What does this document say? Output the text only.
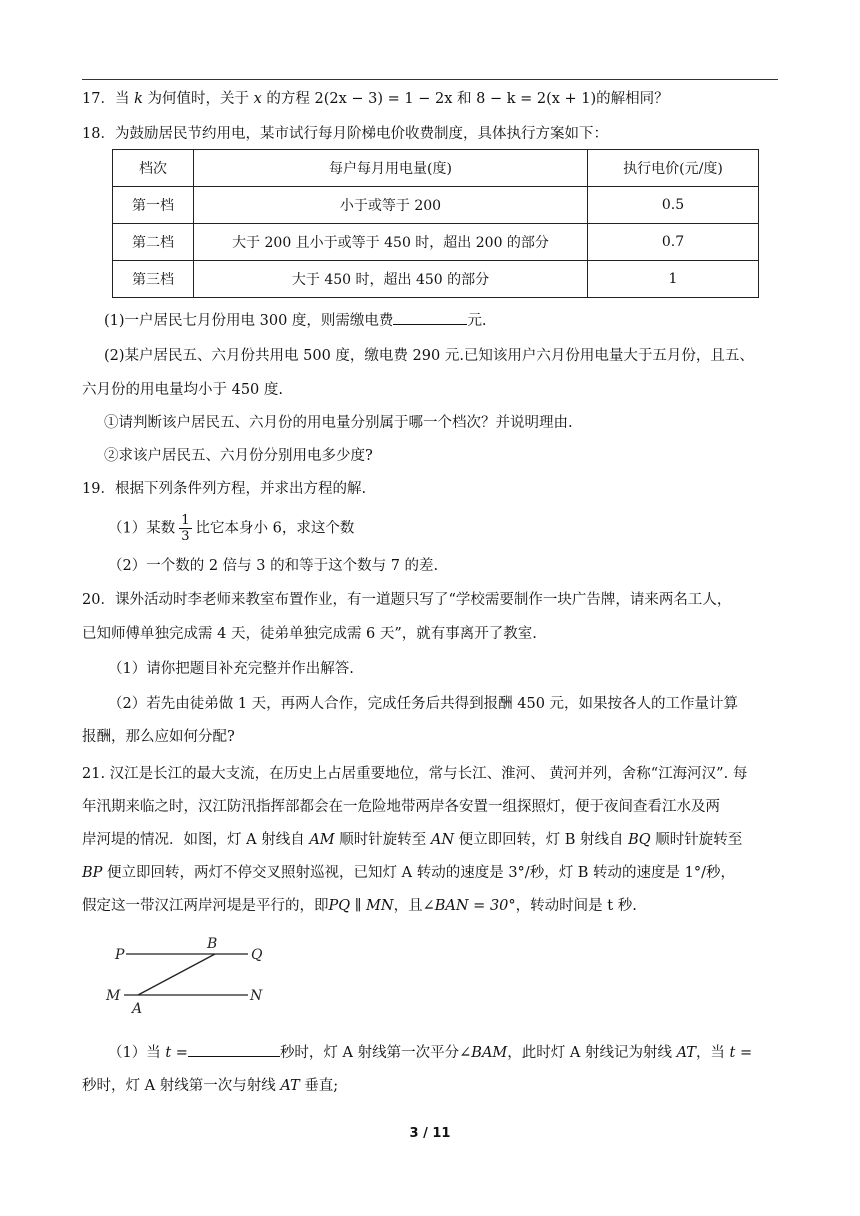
17．当 k 为何值时，关于 x 的方程 2(2x − 3) = 1 − 2x 和 8 − k = 2(x + 1)的解相同？
18．为鼓励居民节约用电，某市试行每月阶梯电价收费制度，具体执行方案如下：
档次	每户每月用电量(度)	执行电价(元/度)
第一档	小于或等于 200	0.5
第二档	大于 200 且小于或等于 450 时，超出 200 的部分	0.7
第三档	大于 450 时，超出 450 的部分	1
(1)一户居民七月份用电 300 度，则需缴电费	元.
(2)某户居民五、六月份共用电 500 度，缴电费 290 元.已知该用户六月份用电量大于五月份，且五、
六月份的用电量均小于 450 度.
①请判断该户居民五、六月份的用电量分别属于哪一个档次？并说明理由.
②求该户居民五、六月份分别用电多少度?
19．根据下列条件列方程，并求出方程的解.
（1）某数 $\frac{1}{3}$ 比它本身小 6，求这个数
（2）一个数的 2 倍与 3 的和等于这个数与 7 的差.
20．课外活动时李老师来教室布置作业，有一道题只写了“学校需要制作一块广告牌，请来两名工人，
已知师傅单独完成需 4 天，徒弟单独完成需 6 天”，就有事离开了教室.
（1）请你把题目补充完整并作出解答.
（2）若先由徒弟做 1 天，再两人合作，完成任务后共得到报酬 450 元，如果按各人的工作量计算
报酬，那么应如何分配?
21. 汉江是长江的最大支流，在历史上占居重要地位，常与长江、淮河、 黄河并列，舍称“江海河汉”. 每
年汛期来临之时，汉江防汛指挥部都会在一危险地带两岸各安置一组探照灯，便于夜间查看江水及两
岸河堤的情况．如图，灯 A 射线自 AM 顺时针旋转至 AN 便立即回转，灯 B 射线自 BQ 顺时针旋转至
BP 便立即回转，两灯不停交叉照射巡视，已知灯 A 转动的速度是 3°/秒，灯 B 转动的速度是 1°/秒，
假定这一带汉江两岸河堤是平行的，即PQ ∥ MN，且∠BAN = 30°，转动时间是 t 秒.
P
B
Q
M
A
N
（1）当 t =	秒时，灯 A 射线第一次平分∠BAM，此时灯 A 射线记为射线 AT，当 t =
秒时，灯 A 射线第一次与射线 AT 垂直;
3 / 11
